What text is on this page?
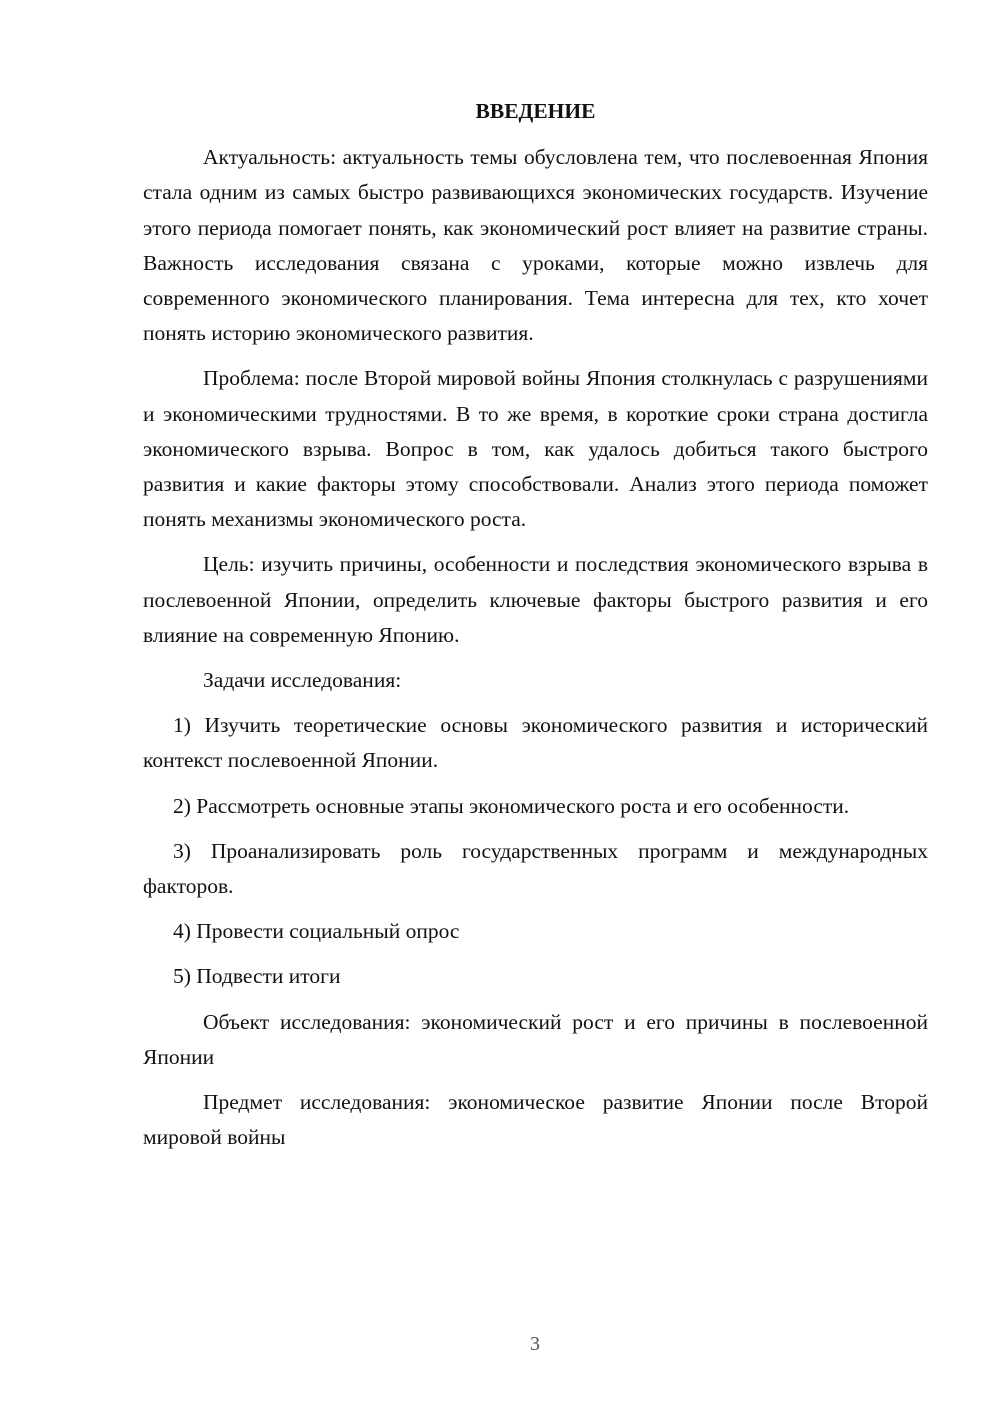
ВВЕДЕНИЕ

Актуальность: актуальность темы обусловлена тем, что послевоенная Япония стала одним из самых быстро развивающихся экономических государств. Изучение этого периода помогает понять, как экономический рост влияет на развитие страны. Важность исследования связана с уроками, которые можно извлечь для современного экономического планирования. Тема интересна для тех, кто хочет понять историю экономического развития.

Проблема: после Второй мировой войны Япония столкнулась с разрушениями и экономическими трудностями. В то же время, в короткие сроки страна достигла экономического взрыва. Вопрос в том, как удалось добиться такого быстрого развития и какие факторы этому способствовали. Анализ этого периода поможет понять механизмы экономического роста.

Цель: изучить причины, особенности и последствия экономического взрыва в послевоенной Японии, определить ключевые факторы быстрого развития и его влияние на современную Японию.

Задачи исследования:

1) Изучить теоретические основы экономического развития и исторический контекст послевоенной Японии.

2) Рассмотреть основные этапы экономического роста и его особенности.

3) Проанализировать роль государственных программ и международных факторов.

4) Провести социальный опрос

5) Подвести итоги

Объект исследования: экономический рост и его причины в послевоенной Японии

Предмет исследования: экономическое развитие Японии после Второй мировой войны

3
